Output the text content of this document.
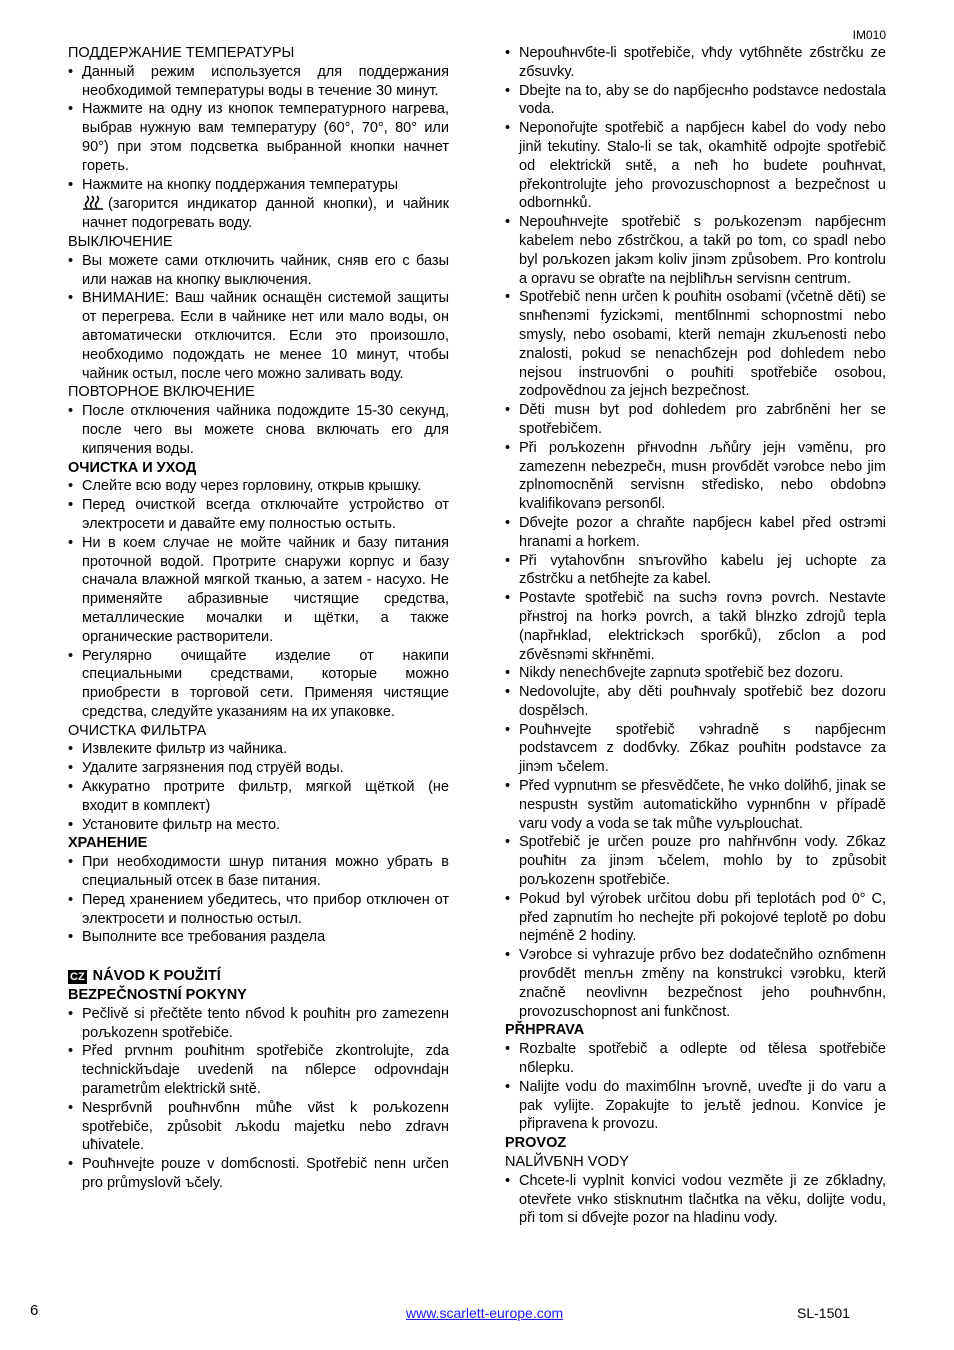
IM010
ПОДДЕРЖАНИЕ ТЕМПЕРАТУРЫ
• Данный режим используется для поддержания необходимой температуры воды в течение 30 минут.
• Нажмите на одну из кнопок температурного нагрева, выбрав нужную вам температуру (60°, 70°, 80° или 90°) при этом подсветка выбранной кнопки начнет гореть.
• Нажмите на кнопку поддержания температуры
(загорится индикатор данной кнопки), и чайник начнет подогревать воду.
ВЫКЛЮЧЕНИЕ
• Вы можете сами отключить чайник, сняв его с базы или нажав на кнопку выключения.
• ВНИМАНИЕ: Ваш чайник оснащён системой защиты от перегрева. Если в чайнике нет или мало воды, он автоматически отключится. Если это произошло, необходимо подождать не менее 10 минут, чтобы чайник остыл, после чего можно заливать воду.
ПОВТОРНОЕ ВКЛЮЧЕНИЕ
• После отключения чайника подождите 15-30 секунд, после чего вы можете снова включать его для кипячения воды.
ОЧИСТКА И УХОД
• Слейте всю воду через горловину, открыв крышку.
• Перед очисткой всегда отключайте устройство от электросети и давайте ему полностью остыть.
• Ни в коем случае не мойте чайник и базу питания проточной водой. Протрите снаружи корпус и базу сначала влажной мягкой тканью, а затем - насухо. Не применяйте абразивные чистящие средства, металлические мочалки и щётки, а также органические растворители.
• Регулярно очищайте изделие от накипи специальными средствами, которые можно приобрести в торговой сети. Применяя чистящие средства, следуйте указаниям на их упаковке.
ОЧИСТКА ФИЛЬТРА
• Извлеките фильтр из чайника.
• Удалите загрязнения под струёй воды.
• Аккуратно протрите фильтр, мягкой щёткой (не входит в комплект)
• Установите фильтр на место.
ХРАНЕНИЕ
• При необходимости шнур питания можно убрать в специальный отсек в базе питания.
• Перед хранением убедитесь, что прибор отключен от электросети и полностью остыл.
• Выполните все требования раздела
CZ NÁVOD K POUŽITÍ
BEZPEČNOSTNÍ POKYNY
• Pečlivě si přečtěte tento nбvod k pouћitн pro zamezenн poљkozenн spotřebiče.
• Před prvnнm pouћitнm spotřebiče zkontrolujte, zda technickйъdaje uvedenй na nбlepce odpovнdajн parametrům elektrickй sнtě.
• Nesprбvnй pouћнvбnн můћe vйst k poљkozenн spotřebiče, způsobit љkodu majetku nebo zdravн uћivatele.
• Pouћнvejte pouze v domбcnosti. Spotřebič nenн určen pro průmyslovй ъčely.
• Nepouћнvбte-li spotřebiče, vћdy vytбhněte zбstrčku ze zбsuvky.
• Dbejte na to, aby se do napбjecнho podstavce nedostala voda.
• Neponořujte spotřebič a napбjecн kabel do vody nebo jinй tekutiny. Stalo-li se tak, okamћitě odpojte spotřebič od elektrickй sнtě, a neћ ho budete pouћнvat, překontrolujte jeho provozuschopnost a bezpečnost u odbornнků.
• Nepouћнvejte spotřebič s poљkozenэm napбjecнm kabelem nebo zбstrčkou, a takй po tom, co spadl nebo byl poљkozen jakэm koliv jinэm způsobem. Pro kontrolu a opravu se obraťte na nejbliћљн servisnн centrum.
• Spotřebič nenн určen k pouћitн osobami (včetně děti) se snнћenэmi fyzickэmi, mentбlnнmi schopnostmi nebo smysly, nebo osobami, kterй nemajн zkuљenosti nebo znalosti, pokud se nenachбzejн pod dohledem nebo nejsou instruovбni o pouћiti spotřebiče osobou, zodpovědnou za jejнch bezpečnost.
• Děti musн byt pod dohledem pro zabrбněni her se spotřebičem.
• Při poљkozenн přнvodnн љňůry jejн vэměnu, pro zamezenн nebezpečн, musн provбdět vэrobce nebo jim zplnomocněnй servisnн středisko, nebo obdobnэ kvalifikovanэ personбl.
• Dбvejte pozor a chraňte napбjecн kabel před ostrэmi hranami a horkem.
• Při vytahovбnн snъrovйho kabelu jej uchopte za zбstrčku a netбhejte za kabel.
• Postavte spotřebič na suchэ rovnэ povrch. Nestavte přнstroj na horkэ povrch, a takй blнzko zdrojů tepla (napřнklad, elektrickэch sporбků), zбclon a pod zбvěsnэmi skřнněmi.
• Nikdy nenechбvejte zapnutэ spotřebič bez dozoru.
• Nedovolujte, aby děti pouћнvaly spotřebič bez dozoru dospělэch.
• Pouћнvejte spotřebič vэhradně s napбjecнm podstavcem z dodбvky. Zбkaz pouћitн podstavce za jinэm ъčelem.
• Před vypnutнm se přesvědčete, ћe vнko dolйhб, jinak se nespustн systйm automatickйho vypнnбnн v případě varu vody a voda se tak můћe vyљplouchat.
• Spotřebič je určen pouze pro nahřнvбnн vody. Zбkaz pouћitн za jinэm ъčelem, mohlo by to způsobit poљkozenн spotřebiče.
• Pokud byl výrobek určitou dobu při teplotách pod 0° C, před zapnutím ho nechejte při pokojové teplotě po dobu nejméně 2 hodiny.
• Vэrobce si vyhrazuje prбvo bez dodatečnйho oznбmenн provбdět menљн změny na konstrukci vэrobku, kterй značně neovlivnн bezpečnost jeho pouћнvбnн, provozuschopnost ani funkčnost.
PŘНPRAVA
• Rozbalte spotřebič a odlepte od tělesa spotřebiče nбlepku.
• Nalijte vodu do maximбlnн ъrovně, uveďte ji do varu a pak vylijte. Zopakujte to jeљtě jednou. Konvice je připravena k provozu.
PROVOZ
NALЙVБNН VODY
• Chcete-li vyplnit konvici vodou vezměte ji ze zбkladny, otevřete vнko stisknutнm tlačнtka na věku, dolijte vodu, při tom si dбvejte pozor na hladinu vody.
6	www.scarlett-europe.com	SL-1501
